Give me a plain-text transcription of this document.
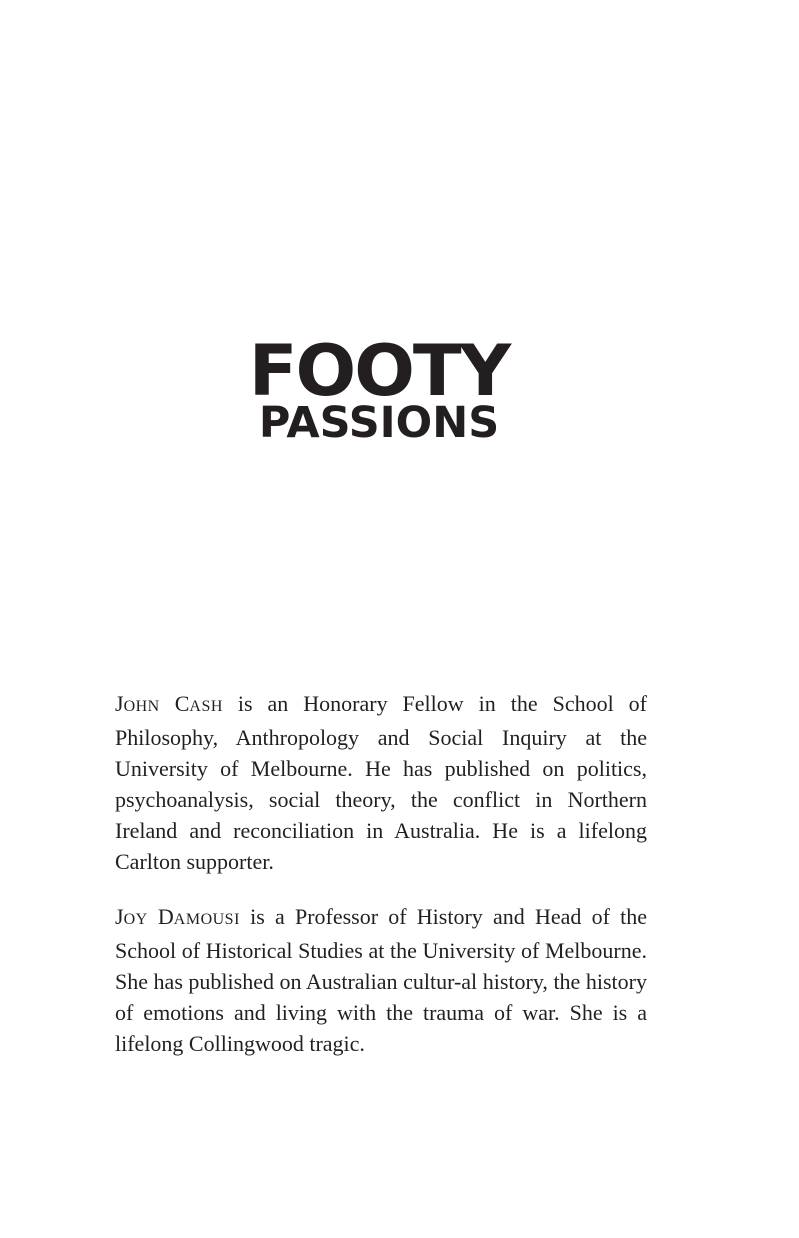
FOOTY
PASSIONS

JOHN CASH is an Honorary Fellow in the School of Philosophy, Anthropology and Social Inquiry at the University of Melbourne. He has published on politics, psychoanalysis, social theory, the conflict in Northern Ireland and reconciliation in Australia. He is a lifelong Carlton supporter.

JOY DAMOUSI is a Professor of History and Head of the School of Historical Studies at the University of Melbourne. She has published on Australian cultur-al history, the history of emotions and living with the trauma of war. She is a lifelong Collingwood tragic.
